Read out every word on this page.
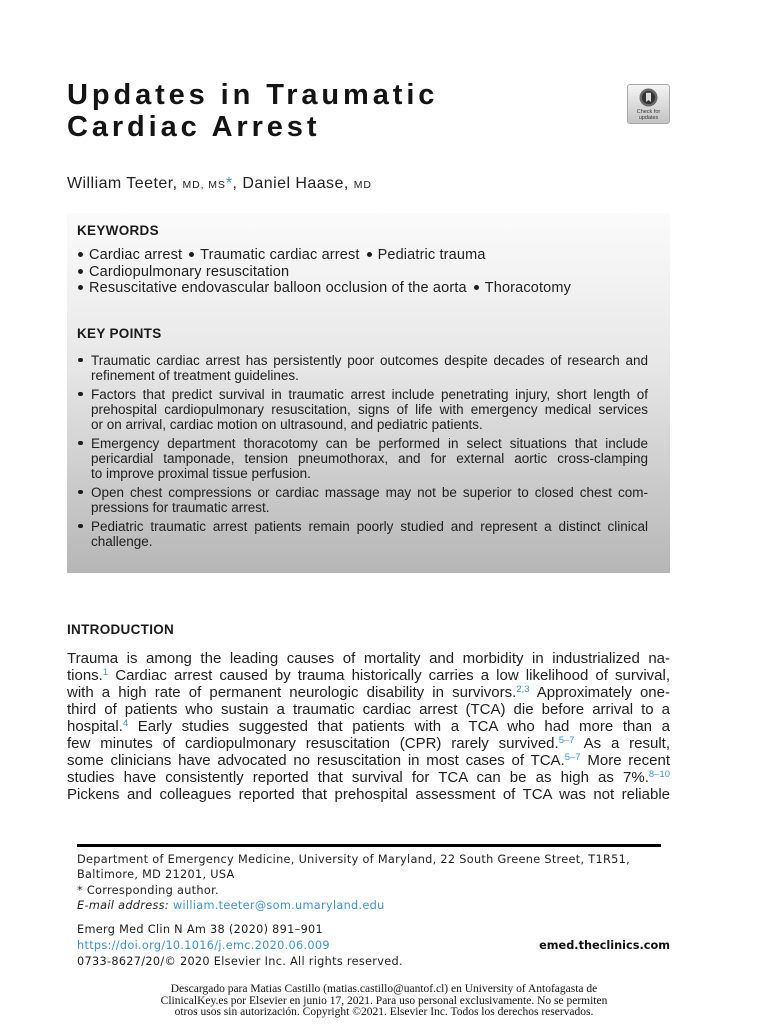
Updates in Traumatic
Cardiac Arrest	Check for
updates
William Teeter, MD, MS*, Daniel Haase, MD
KEYWORDS
Cardiac arrest Traumatic cardiac arrest Pediatric trauma
Cardiopulmonary resuscitation
Resuscitative endovascular balloon occlusion of the aorta Thoracotomy
KEY POINTS
Traumatic cardiac arrest has persistently poor outcomes despite decades of research and
refinement of treatment guidelines.
Factors that predict survival in traumatic arrest include penetrating injury, short length of
prehospital cardiopulmonary resuscitation, signs of life with emergency medical services
or on arrival, cardiac motion on ultrasound, and pediatric patients.
Emergency department thoracotomy can be performed in select situations that include
pericardial tamponade, tension pneumothorax, and for external aortic cross-clamping
to improve proximal tissue perfusion.
Open chest compressions or cardiac massage may not be superior to closed chest com-
pressions for traumatic arrest.
Pediatric traumatic arrest patients remain poorly studied and represent a distinct clinical
challenge.
INTRODUCTION
Trauma is among the leading causes of mortality and morbidity in industrialized na-
tions.$^1$ Cardiac arrest caused by trauma historically carries a low likelihood of survival,
with a high rate of permanent neurologic disability in survivors.$^{2,3}$ Approximately one-
third of patients who sustain a traumatic cardiac arrest (TCA) die before arrival to a
hospital.$^4$ Early studies suggested that patients with a TCA who had more than a
few minutes of cardiopulmonary resuscitation (CPR) rarely survived.$^{5-7}$ As a result,
some clinicians have advocated no resuscitation in most cases of TCA.$^{5-7}$ More recent
studies have consistently reported that survival for TCA can be as high as 7%.$^{8-10}$
Pickens and colleagues reported that prehospital assessment of TCA was not reliable
Department of Emergency Medicine, University of Maryland, 22 South Greene Street, T1R51,
Baltimore, MD 21201, USA
* Corresponding author.
E-mail address: william.teeter@som.umaryland.edu
Emerg Med Clin N Am 38 (2020) 891–901
https://doi.org/10.1016/j.emc.2020.06.009	emed.theclinics.com
0733-8627/20/© 2020 Elsevier Inc. All rights reserved.
Descargado para Matias Castillo (matias.castillo@uantof.cl) en University of Antofagasta de
ClinicalKey.es por Elsevier en junio 17, 2021. Para uso personal exclusivamente. No se permiten
otros usos sin autorización. Copyright ©2021. Elsevier Inc. Todos los derechos reservados.
